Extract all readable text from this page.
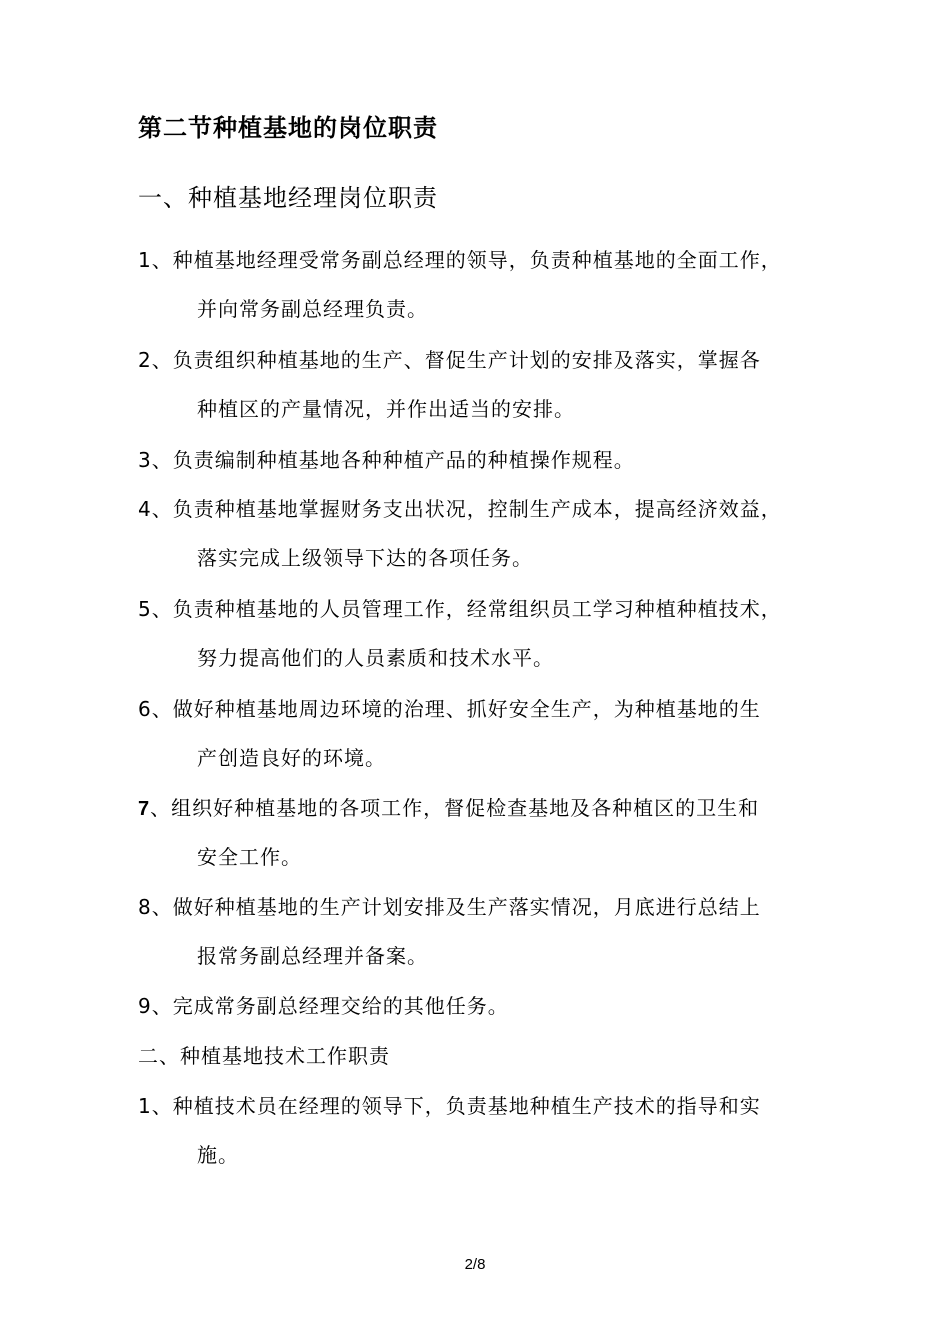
第二节种植基地的岗位职责
一、种植基地经理岗位职责
1、种植基地经理受常务副总经理的领导，负责种植基地的全面工作，
并向常务副总经理负责。
2、负责组织种植基地的生产、督促生产计划的安排及落实，掌握各
种植区的产量情况，并作出适当的安排。
3、负责编制种植基地各种种植产品的种植操作规程。
4、负责种植基地掌握财务支出状况，控制生产成本，提高经济效益，
落实完成上级领导下达的各项任务。
5、负责种植基地的人员管理工作，经常组织员工学习种植种植技术，
努力提高他们的人员素质和技术水平。
6、做好种植基地周边环境的治理、抓好安全生产，为种植基地的生
产创造良好的环境。
7、组织好种植基地的各项工作，督促检查基地及各种植区的卫生和
安全工作。
8、做好种植基地的生产计划安排及生产落实情况，月底进行总结上
报常务副总经理并备案。
9、完成常务副总经理交给的其他任务。
二、种植基地技术工作职责
1、种植技术员在经理的领导下，负责基地种植生产技术的指导和实
施。
2/8
